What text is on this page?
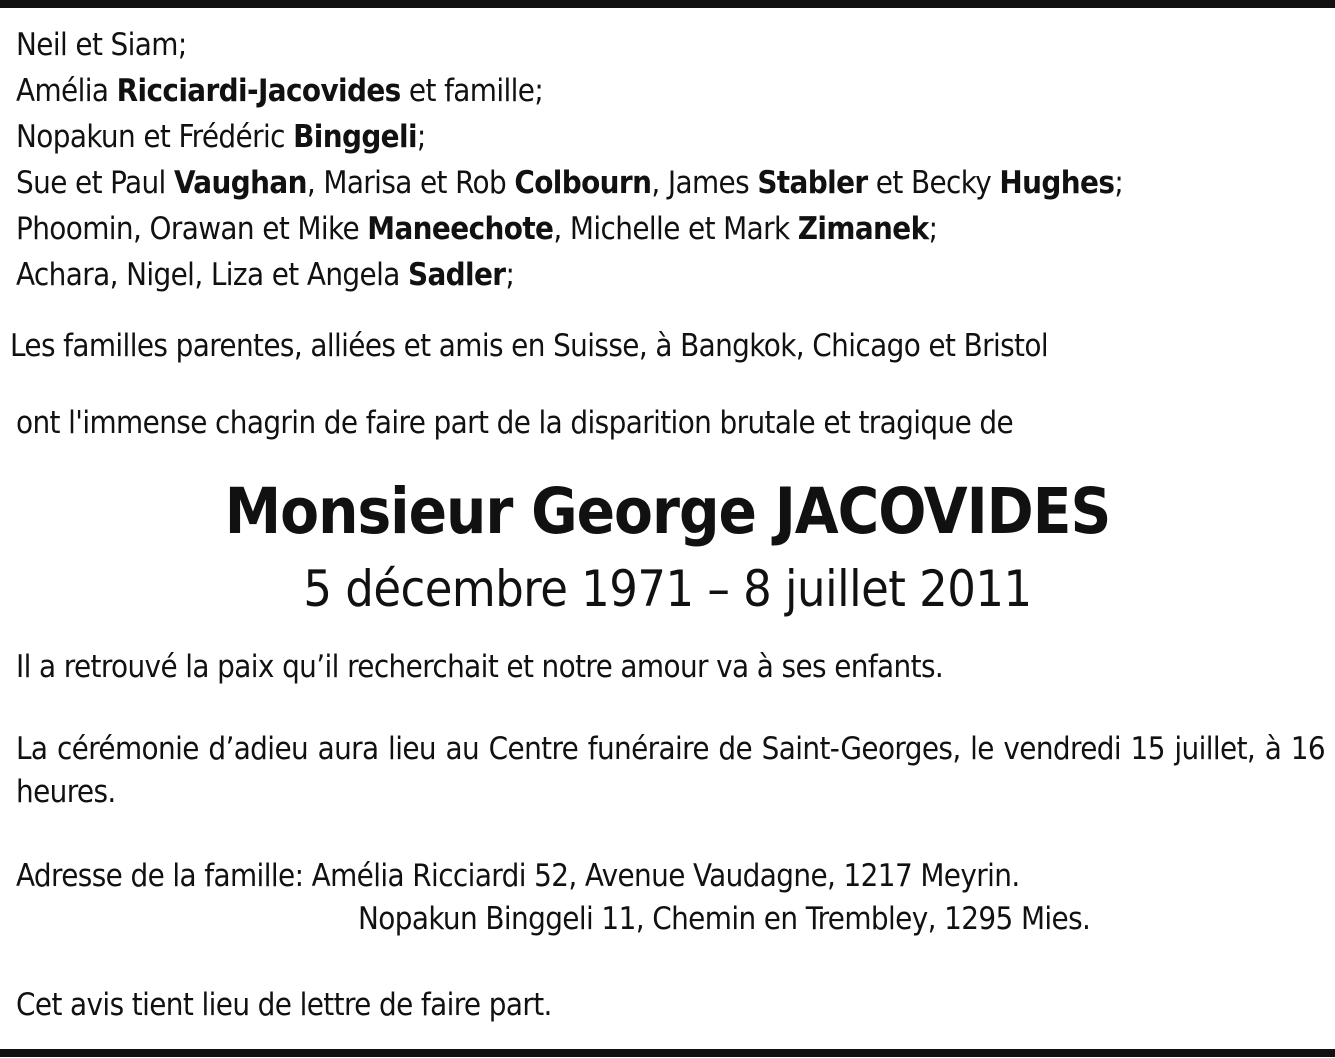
Neil et Siam;
Amélia Ricciardi-Jacovides et famille;
Nopakun et Frédéric Binggeli;
Sue et Paul Vaughan, Marisa et Rob Colbourn, James Stabler et Becky Hughes;
Phoomin, Orawan et Mike Maneechote, Michelle et Mark Zimanek;
Achara, Nigel, Liza et Angela Sadler;
Les familles parentes, alliées et amis en Suisse, à Bangkok, Chicago et Bristol
ont l'immense chagrin de faire part de la disparition brutale et tragique de
Monsieur George JACOVIDES
5 décembre 1971 – 8 juillet 2011
Il a retrouvé la paix qu’il recherchait et notre amour va à ses enfants.
La cérémonie d’adieu aura lieu au Centre funéraire de Saint-Georges, le vendredi 15 juillet, à 16 heures.
Adresse de la famille: Amélia Ricciardi 52, Avenue Vaudagne, 1217 Meyrin.
Nopakun Binggeli 11, Chemin en Trembley, 1295 Mies.
Cet avis tient lieu de lettre de faire part.
